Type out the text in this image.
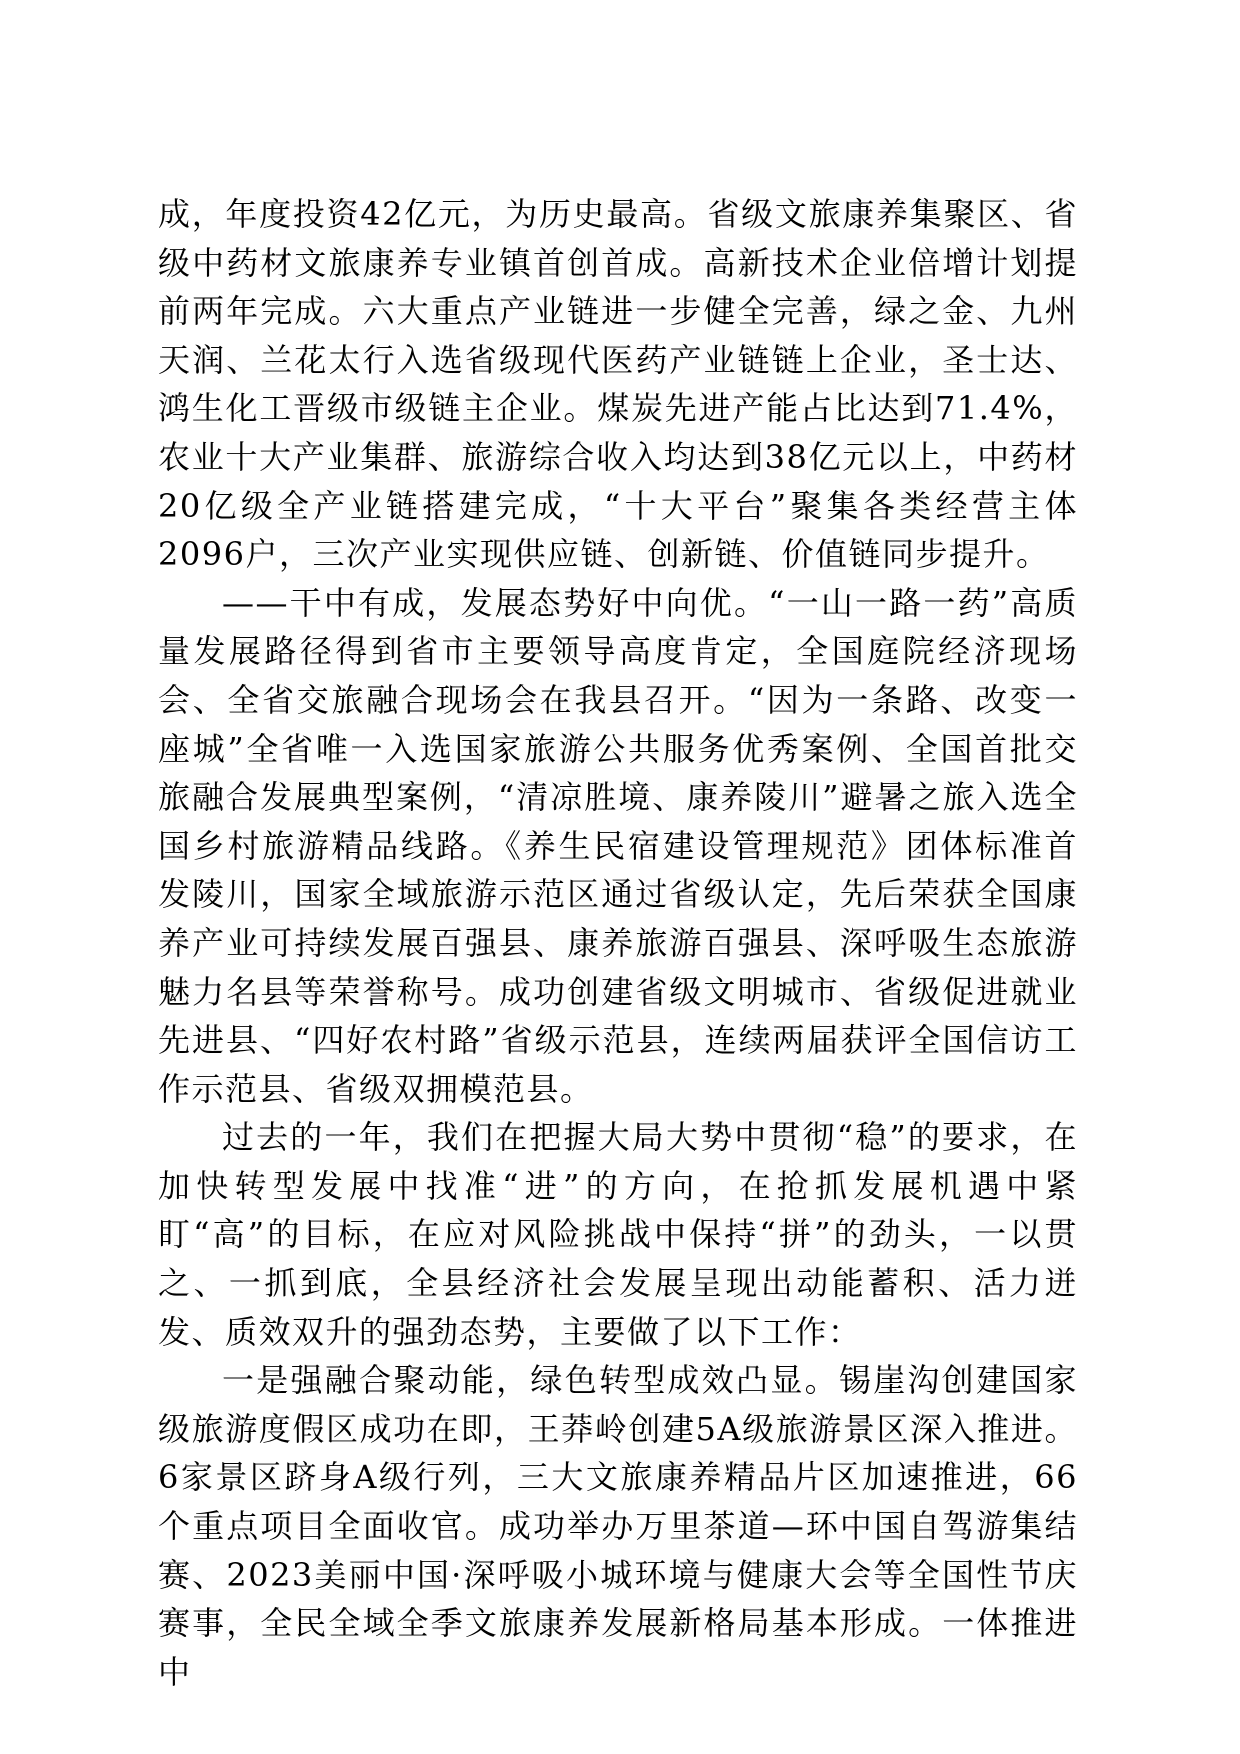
成，年度投资42亿元，为历史最高。省级文旅康养集聚区、省级中药材文旅康养专业镇首创首成。高新技术企业倍增计划提前两年完成。六大重点产业链进一步健全完善，绿之金、九州天润、兰花太行入选省级现代医药产业链链上企业，圣士达、鸿生化工晋级市级链主企业。煤炭先进产能占比达到71.4%，农业十大产业集群、旅游综合收入均达到38亿元以上，中药材20亿级全产业链搭建完成，“十大平台”聚集各类经营主体2096户，三次产业实现供应链、创新链、价值链同步提升。

——干中有成，发展态势好中向优。“一山一路一药”高质量发展路径得到省市主要领导高度肯定，全国庭院经济现场会、全省交旅融合现场会在我县召开。“因为一条路、改变一座城”全省唯一入选国家旅游公共服务优秀案例、全国首批交旅融合发展典型案例，“清凉胜境、康养陵川”避暑之旅入选全国乡村旅游精品线路。《养生民宿建设管理规范》团体标准首发陵川，国家全域旅游示范区通过省级认定，先后荣获全国康养产业可持续发展百强县、康养旅游百强县、深呼吸生态旅游魅力名县等荣誉称号。成功创建省级文明城市、省级促进就业先进县、“四好农村路”省级示范县，连续两届获评全国信访工作示范县、省级双拥模范县。

过去的一年，我们在把握大局大势中贯彻“稳”的要求，在加快转型发展中找准“进”的方向，在抢抓发展机遇中紧盯“高”的目标，在应对风险挑战中保持“拼”的劲头，一以贯之、一抓到底，全县经济社会发展呈现出动能蓄积、活力迸发、质效双升的强劲态势，主要做了以下工作：

一是强融合聚动能，绿色转型成效凸显。锡崖沟创建国家级旅游度假区成功在即，王莽岭创建5A级旅游景区深入推进。6家景区跻身A级行列，三大文旅康养精品片区加速推进，66个重点项目全面收官。成功举办万里茶道—环中国自驾游集结赛、2023美丽中国·深呼吸小城环境与健康大会等全国性节庆赛事，全民全域全季文旅康养发展新格局基本形成。一体推进中
